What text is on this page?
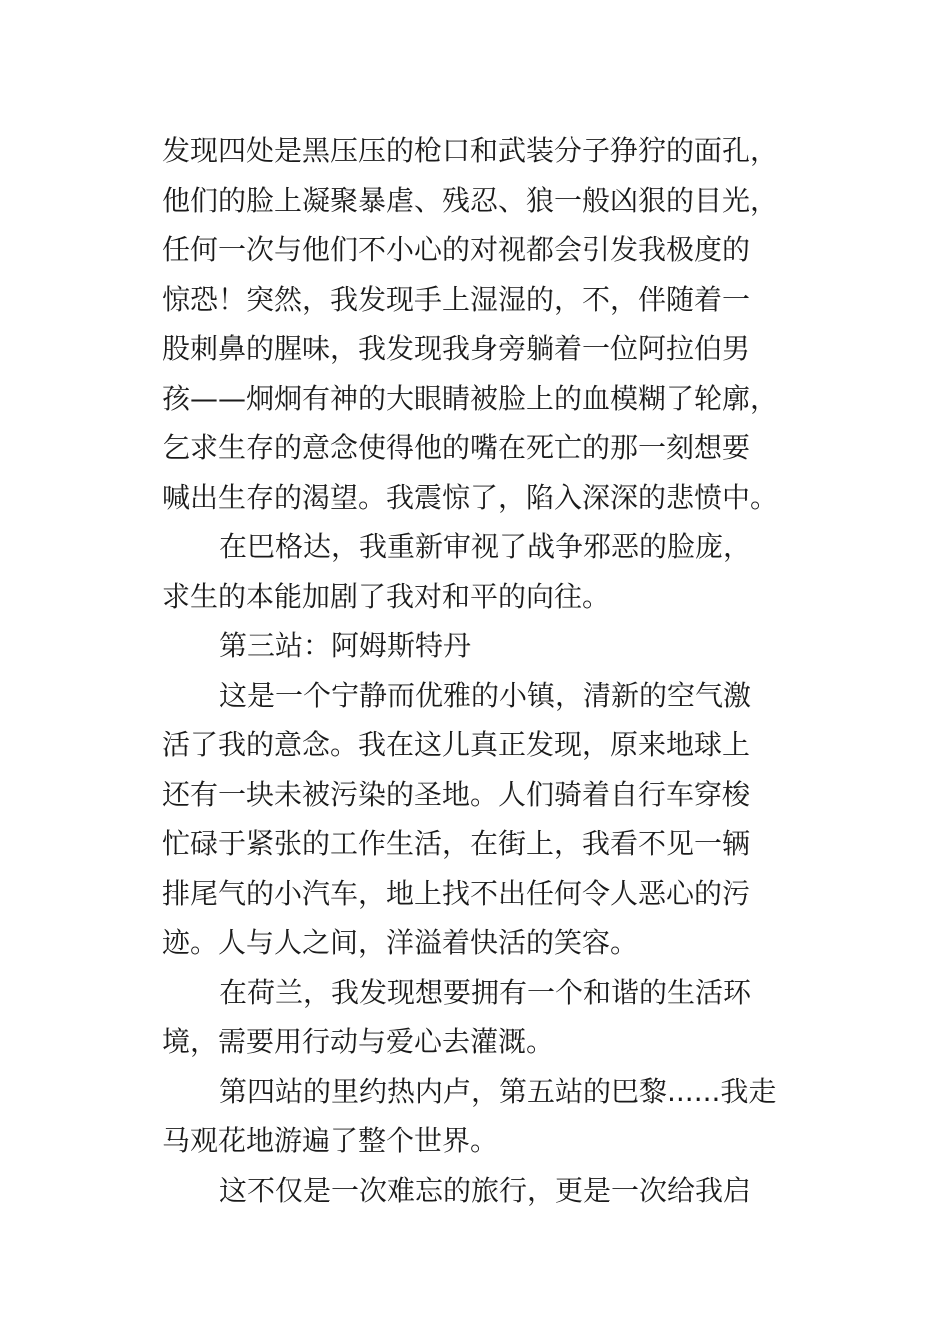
发现四处是黑压压的枪口和武装分子狰狞的面孔，
他们的脸上凝聚暴虐、残忍、狼一般凶狠的目光，
任何一次与他们不小心的对视都会引发我极度的
惊恐！突然，我发现手上湿湿的，不，伴随着一
股刺鼻的腥味，我发现我身旁躺着一位阿拉伯男
孩——炯炯有神的大眼睛被脸上的血模糊了轮廓，
乞求生存的意念使得他的嘴在死亡的那一刻想要
喊出生存的渴望。我震惊了，陷入深深的悲愤中。
在巴格达，我重新审视了战争邪恶的脸庞，
求生的本能加剧了我对和平的向往。
第三站：阿姆斯特丹
这是一个宁静而优雅的小镇，清新的空气激
活了我的意念。我在这儿真正发现，原来地球上
还有一块未被污染的圣地。人们骑着自行车穿梭
忙碌于紧张的工作生活，在街上，我看不见一辆
排尾气的小汽车，地上找不出任何令人恶心的污
迹。人与人之间，洋溢着快活的笑容。
在荷兰，我发现想要拥有一个和谐的生活环
境，需要用行动与爱心去灌溉。
第四站的里约热内卢，第五站的巴黎......我走
马观花地游遍了整个世界。
这不仅是一次难忘的旅行，更是一次给我启
